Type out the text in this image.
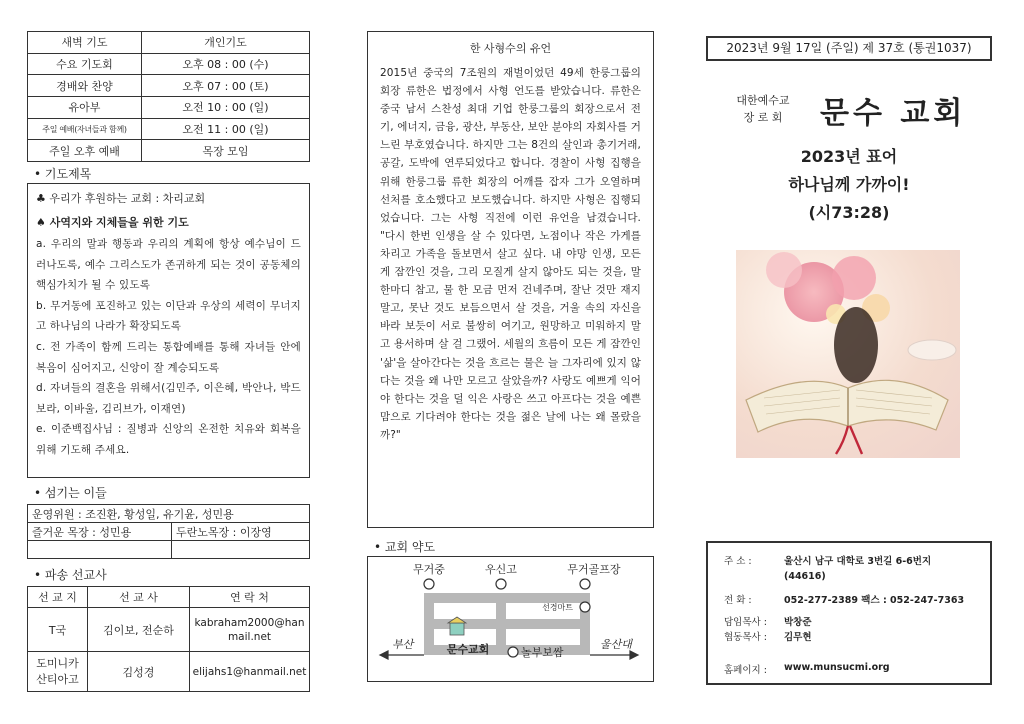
새벽 기도	개인기도
수요 기도회	오후 08 : 00 (수)
경배와 찬양	오후 07 : 00 (토)
유아부	오전 10 : 00 (일)
주일 예배(자녀들과 함께)	오전 11 : 00 (일)
주일 오후 예배	목장 모임
• 기도제목
♣ 우리가 후원하는 교회 : 차리교회
♠ 사역지와 지체들을 위한 기도

a. 우리의 말과 행동과 우리의 계획에 항상 예수님이 드러나도록, 예수 그리스도가 존귀하게 되는 것이 공동체의 핵심가치가 될 수 있도록

b. 무거동에 포진하고 있는 이단과 우상의 세력이 무너지고 하나님의 나라가 확장되도록

c. 전 가족이 함께 드리는 통합예배를 통해 자녀들 안에 복음이 심어지고, 신앙이 잘 계승되도록

d. 자녀들의 결혼을 위해서(김민주, 이은혜, 박안나, 박드보라, 이바울, 김리브가, 이재연)

e. 이준백집사님 : 질병과 신앙의 온전한 치유와 회복을 위해 기도해 주세요.

• 섬기는 이들
운영위원 : 조진환, 황성일, 유기윤, 성민용	
즐거운 목장 : 성민용	두란노목장 : 이장영

• 파송 선교사
선 교 지	선 교 사	연 락 처
T국	김이보, 전순하	kabraham2000@hanmail.net
도미니카
산티아고	김성경	elijahs1@hanmail.net
한 사형수의 유언
2015년 중국의 7조원의 재벌이었던 49세 한룽그룹의 회장 류한은 법정에서 사형 언도를 받았습니다. 류한은 중국 남서 스찬성 최대 기업 한룽그룹의 회장으로서 전기, 에너지, 금융, 광산, 부동산, 보안 분야의 자회사를 거느린 부호였습니다. 하지만 그는 8건의 살인과 총기거래, 공갈, 도박에 연루되었다고 합니다. 경찰이 사형 집행을 위해 한룽그룹 류한 회장의 어깨를 잡자 그가 오열하며 선처를 호소했다고 보도했습니다. 하지만 사형은 집행되었습니다. 그는 사형 직전에 이런 유언을 남겼습니다. "다시 한번 인생을 살 수 있다면, 노점이나 작은 가게를 차리고 가족을 돌보면서 살고 싶다. 내 야망 인생, 모든 게 잠깐인 것을, 그리 모질게 살지 않아도 되는 것을, 말 한마디 참고, 물 한 모금 먼저 건네주며, 잘난 것만 재지 말고, 못난 것도 보듬으면서 살 것을, 거울 속의 자신을 바라 보듯이 서로 불쌍히 여기고, 원망하고 미워하지 말고 용서하며 살 걸 그랬어. 세월의 흐름이 모든 게 잠깐인 '삶'을 살아간다는 것을 흐르는 물은 늘 그자리에 있지 않다는 것을 왜 나만 모르고 살았을까? 사랑도 예쁘게 익어야 한다는 것을 덜 익은 사랑은 쓰고 아프다는 것을 예쁜 맘으로 기다려야 한다는 것을 젊은 날에 나는 왜 몰랐을까?"
• 교회 약도
무거중	우신고	무거골프장
선경마트
문수교회	놀부보쌈
부산	울산대
2023년 9월 17일 (주일) 제 37호 (통권1037)
대한예수교
장 로 회	문수 교회
2023년 표어
하나님께 가까이!
(시73:28)
주 소 :	울산시 남구 대학로 3번길 6-6번지
(44616)
전 화 :	052-277-2389 팩스 : 052-247-7363
담임목사 : 박창준
협동목사 : 김무현
홈페이지 : www.munsucmi.org
